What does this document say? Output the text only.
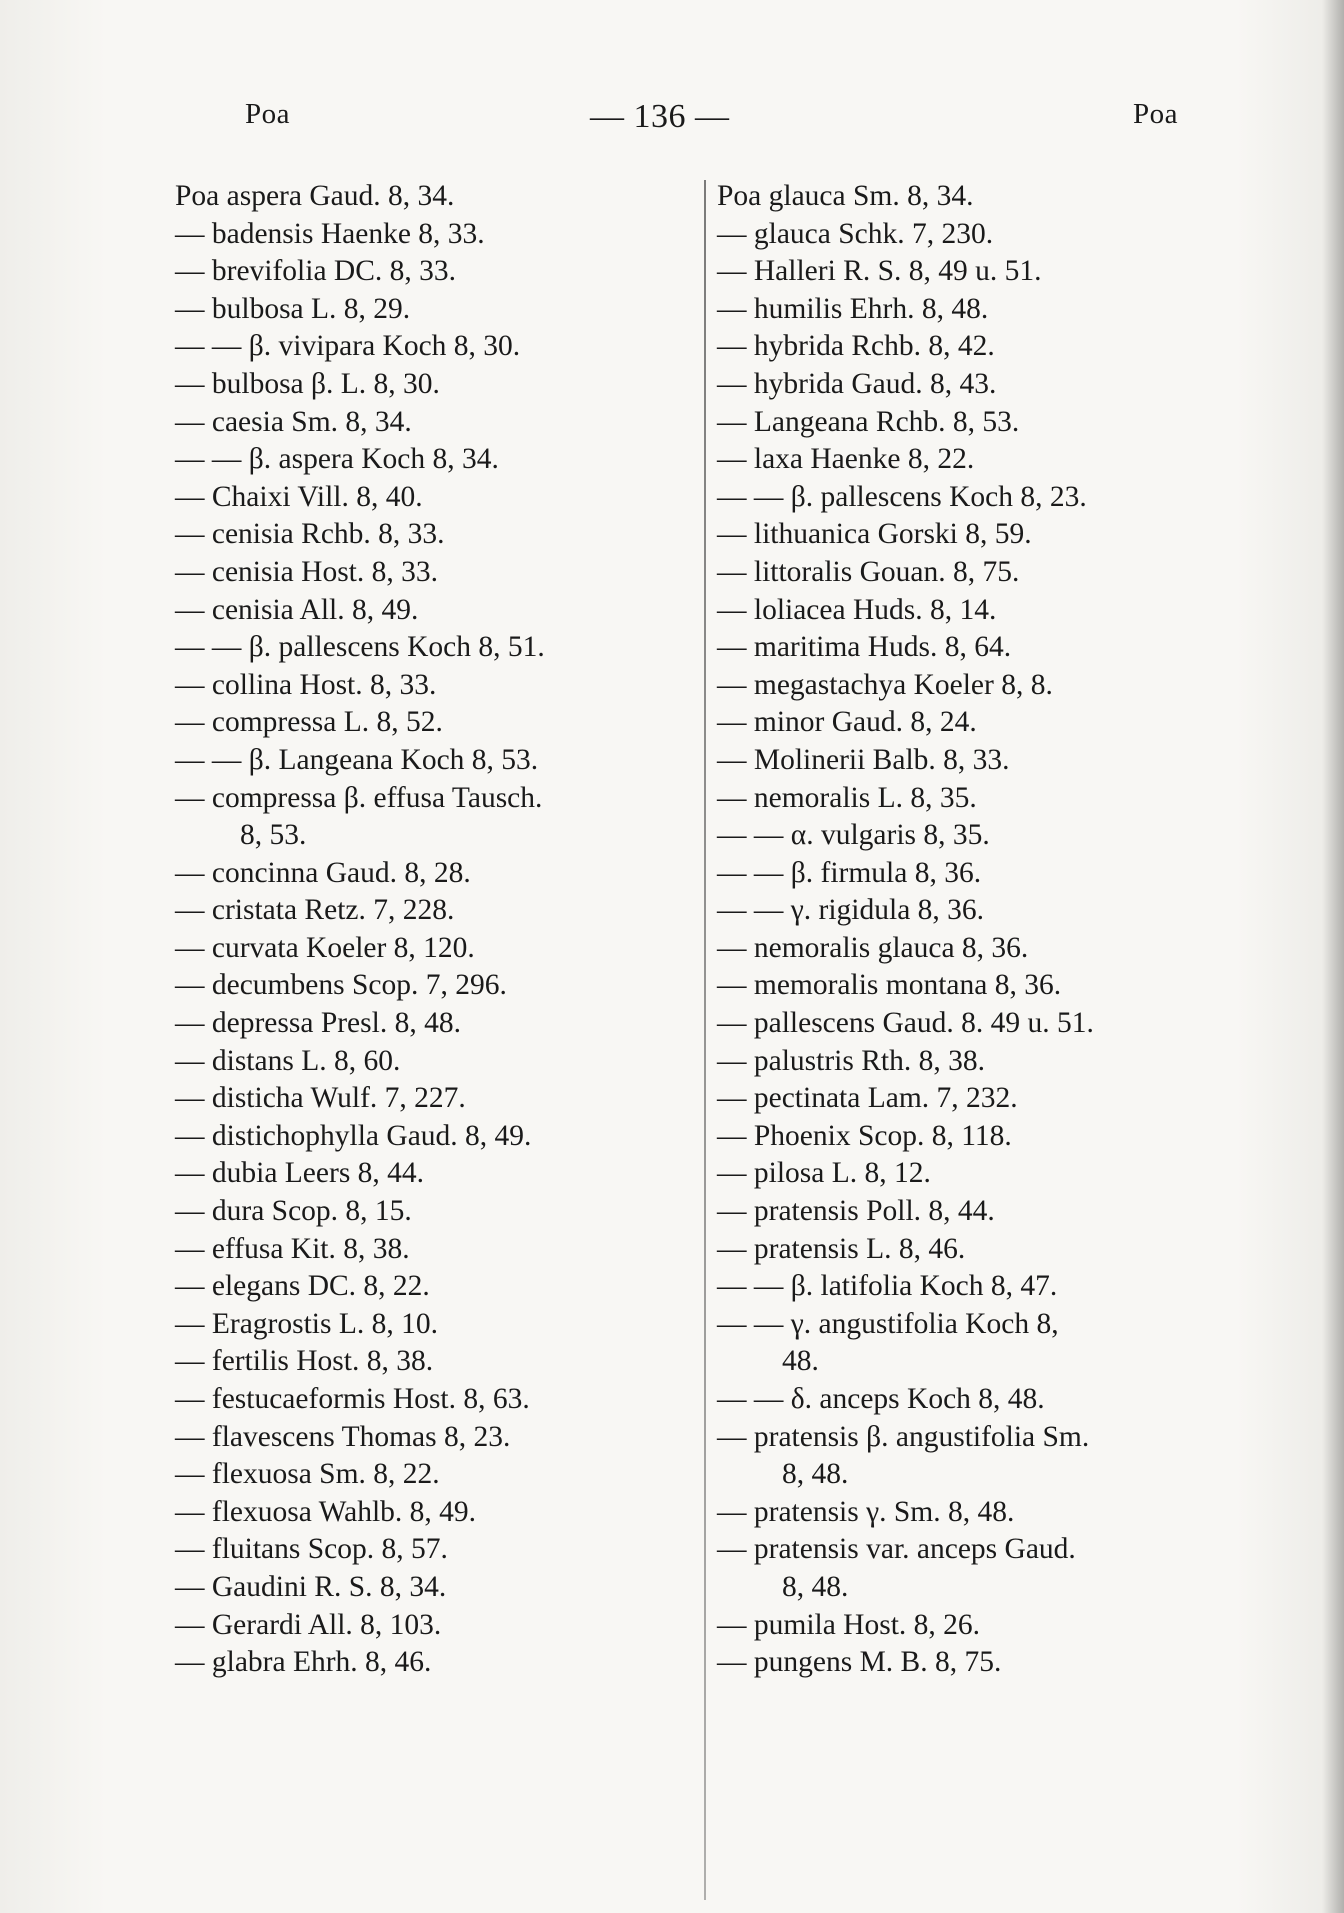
Poa	— 136 —	Poa
Poa aspera Gaud. 8, 34.
— badensis Haenke 8, 33.
— brevifolia DC. 8, 33.
— bulbosa L. 8, 29.
— — β. vivipara Koch 8, 30.
— bulbosa β. L. 8, 30.
— caesia Sm. 8, 34.
— — β. aspera Koch 8, 34.
— Chaixi Vill. 8, 40.
— cenisia Rchb. 8, 33.
— cenisia Host. 8, 33.
— cenisia All. 8, 49.
— — β. pallescens Koch 8, 51.
— collina Host. 8, 33.
— compressa L. 8, 52.
— — β. Langeana Koch 8, 53.
— compressa β. effusa Tausch.
8, 53.
— concinna Gaud. 8, 28.
— cristata Retz. 7, 228.
— curvata Koeler 8, 120.
— decumbens Scop. 7, 296.
— depressa Presl. 8, 48.
— distans L. 8, 60.
— disticha Wulf. 7, 227.
— distichophylla Gaud. 8, 49.
— dubia Leers 8, 44.
— dura Scop. 8, 15.
— effusa Kit. 8, 38.
— elegans DC. 8, 22.
— Eragrostis L. 8, 10.
— fertilis Host. 8, 38.
— festucaeformis Host. 8, 63.
— flavescens Thomas 8, 23.
— flexuosa Sm. 8, 22.
— flexuosa Wahlb. 8, 49.
— fluitans Scop. 8, 57.
— Gaudini R. S. 8, 34.
— Gerardi All. 8, 103.
— glabra Ehrh. 8, 46.
Poa glauca Sm. 8, 34.
— glauca Schk. 7, 230.
— Halleri R. S. 8, 49 u. 51.
— humilis Ehrh. 8, 48.
— hybrida Rchb. 8, 42.
— hybrida Gaud. 8, 43.
— Langeana Rchb. 8, 53.
— laxa Haenke 8, 22.
— — β. pallescens Koch 8, 23.
— lithuanica Gorski 8, 59.
— littoralis Gouan. 8, 75.
— loliacea Huds. 8, 14.
— maritima Huds. 8, 64.
— megastachya Koeler 8, 8.
— minor Gaud. 8, 24.
— Molinerii Balb. 8, 33.
— nemoralis L. 8, 35.
— — α. vulgaris 8, 35.
— — β. firmula 8, 36.
— — γ. rigidula 8, 36.
— nemoralis glauca 8, 36.
— memoralis montana 8, 36.
— pallescens Gaud. 8. 49 u. 51.
— palustris Rth. 8, 38.
— pectinata Lam. 7, 232.
— Phoenix Scop. 8, 118.
— pilosa L. 8, 12.
— pratensis Poll. 8, 44.
— pratensis L. 8, 46.
— — β. latifolia Koch 8, 47.
— — γ. angustifolia Koch 8,
48.
— — δ. anceps Koch 8, 48.
— pratensis β. angustifolia Sm.
8, 48.
— pratensis γ. Sm. 8, 48.
— pratensis var. anceps Gaud.
8, 48.
— pumila Host. 8, 26.
— pungens M. B. 8, 75.
